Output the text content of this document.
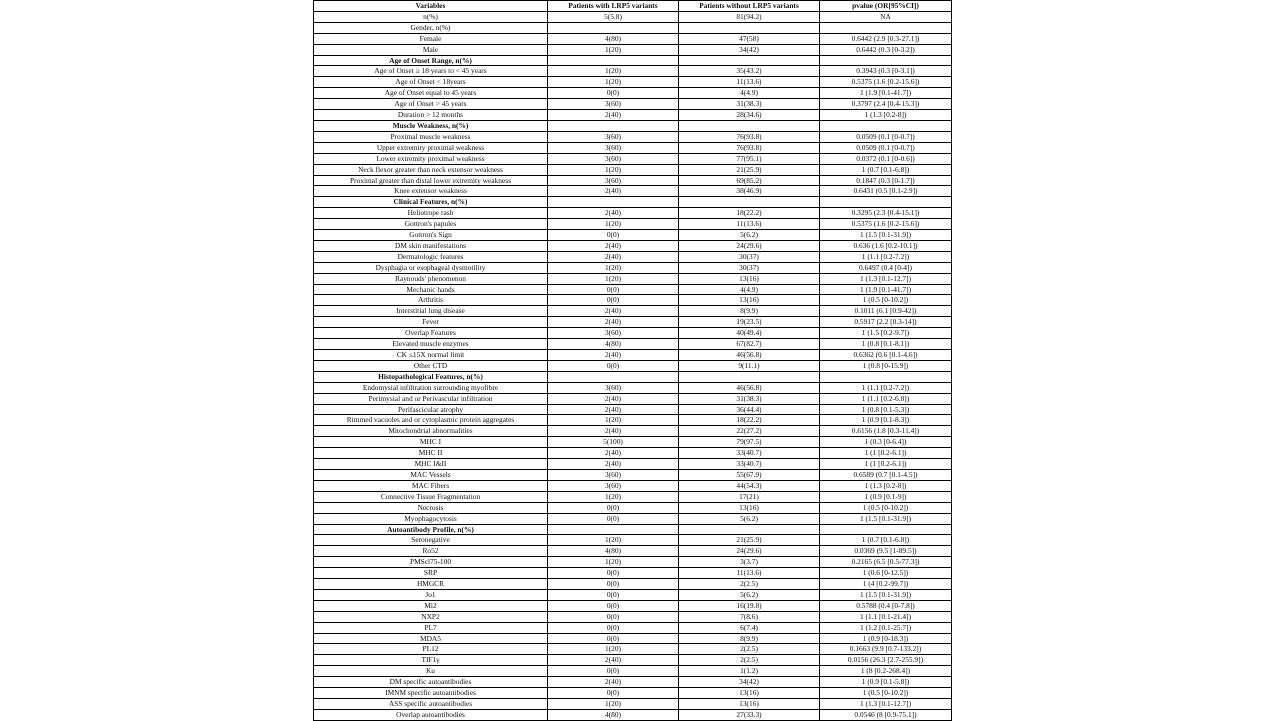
Variables	Patients with LRP5 variants	Patients without LRP5 variants	pvalue (OR[95%CI])
n(%)	5(5.8)	81(94.2)	NA
Gender, n(%)			
Female	4(80)	47(58)	0.6442 (2.9 [0.3-27.1])
Male	1(20)	34(42)	0.6442 (0.3 [0-3.2])
Age of Onset Range, n(%)			
Age of Onset ≥ 18 years to < 45 years	1(20)	35(43.2)	0.3943 (0.3 [0-3.1])
Age of Onset < 18years	1(20)	11(13.6)	0.5375 (1.6 [0.2-15.6])
Age of Onset equal to 45 years	0(0)	4(4.9)	1 (1.9 [0.1-41.7])
Age of Onset > 45 years	3(60)	31(38.3)	0.3797 (2.4 [0.4-15.3])
Duration > 12 months	2(40)	28(34.6)	1 (1.3 [0.2-8])
Muscle Weakness, n(%)			
Proximal muscle weakness	3(60)	76(93.8)	0.0509 (0.1 [0-0.7])
Upper extremity proximal weakness	3(60)	76(93.8)	0.0509 (0.1 [0-0.7])
Lower extremity proximal weakness	3(60)	77(95.1)	0.0372 (0.1 [0-0.6])
Neck flexor greater than neck extensor weakness	1(20)	21(25.9)	1 (0.7 [0.1-6.8])
Proximal greater than distal lower extremity weakness	3(60)	69(85.2)	0.1847 (0.3 [0-1.7])
Knee extensor weakness	2(40)	38(46.9)	0.6431 (0.5 [0.1-2.9])
Clinical Features, n(%)			
Heliotrope rash	2(40)	18(22.2)	0.3295 (2.3 [0.4-15.1])
Gottron's papules	1(20)	11(13.6)	0.5375 (1.6 [0.2-15.6])
Gottron's Sign	0(0)	5(6.2)	1 (1.5 [0.1-31.9])
DM skin manifestations	2(40)	24(29.6)	0.636 (1.6 [0.2-10.1])
Dermatologic features	2(40)	30(37)	1 (1.1 [0.2-7.2])
Dysphagia or esophageal dysmotility	1(20)	30(37)	0.6497 (0.4 [0-4])
Raynouds' phenomenon	1(20)	13(16)	1 (1.3 [0.1-12.7])
Mechanic hands	0(0)	4(4.9)	1 (1.9 [0.1-41.7])
Arthritis	0(0)	13(16)	1 (0.5 [0-10.2])
Interstitial lung disease	2(40)	8(9.9)	0.1011 (6.1 [0.9-42])
Fever	2(40)	19(23.5)	0.5917 (2.2 [0.3-14])
Overlap Features	3(60)	40(49.4)	1 (1.5 [0.2-9.7])
Elevated muscle enzymes	4(80)	67(82.7)	1 (0.8 [0.1-8.1])
CK ≤15X normal limit	2(40)	46(56.8)	0.6362 (0.6 [0.1-4.6])
Other CTD	0(0)	9(11.1)	1 (0.8 [0-15.9])
Histopathological Features, n(%)			
Endomysial infiltration surrounding myofibre	3(60)	46(56.8)	1 (1.1 [0.2-7.2])
Perimysial and or Perivascular infiltration	2(40)	31(38.3)	1 (1.1 [0.2-6.8])
Perifascicular atrophy	2(40)	36(44.4)	1 (0.8 [0.1-5.3])
Rimmed vacuoles and or cytoplasmic protein aggregates	1(20)	18(22.2)	1 (0.9 [0.1-8.3])
Mitochondrial abnormalities	2(40)	22(27.2)	0.6156 (1.8 [0.3-11.4])
MHC I	5(100)	79(97.5)	1 (0.3 [0-6.4])
MHC II	2(40)	33(40.7)	1 (1 [0.2-6.1])
MHC I&II	2(40)	33(40.7)	1 (1 [0.2-6.1])
MAC Vessels	3(60)	55(67.9)	0.6589 (0.7 [0.1-4.5])
MAC Fibers	3(60)	44(54.3)	1 (1.3 [0.2-8])
Connective Tissue Fragmentation	1(20)	17(21)	1 (0.9 [0.1-9])
Necrosis	0(0)	13(16)	1 (0.5 [0-10.2])
Myophagocytosis	0(0)	5(6.2)	1 (1.5 [0.1-31.9])
Autoantibody Profile, n(%)			
Seronegative	1(20)	21(25.9)	1 (0.7 [0.1-6.8])
Ro52	4(80)	24(29.6)	0.0369 (9.5 [1-89.5])
PMScl75-100	1(20)	3(3.7)	0.2165 (6.5 [0.5-77.3])
SRP	0(0)	11(13.6)	1 (0.6 [0-12.5])
HMGCR	0(0)	2(2.5)	1 (4 [0.2-99.7])
Jo1	0(0)	5(6.2)	1 (1.5 [0.1-31.9])
Mi2	0(0)	16(19.8)	0.5788 (0.4 [0-7.8])
NXP2	0(0)	7(8.6)	1 (1.1 [0.1-21.4])
PL7	0(0)	6(7.4)	1 (1.2 [0.1-25.7])
MDA5	0(0)	8(9.9)	1 (0.9 [0-18.3])
PL12	1(20)	2(2.5)	0.1663 (9.9 [0.7-133.2])
TIF1γ	2(40)	2(2.5)	0.0156 (26.3 [2.7-255.9])
Ku	0(0)	1(1.2)	1 (8 [0.2-268.4])
DM specific autoantibodies	2(40)	34(42)	1 (0.9 [0.1-5.8])
IMNM specific autoantibodies	0(0)	13(16)	1 (0.5 [0-10.2])
ASS specific autoantibodies	1(20)	13(16)	1 (1.3 [0.1-12.7])
Overlap autoantibodies	4(80)	27(33.3)	0.0546 (8 [0.9-75.1])
